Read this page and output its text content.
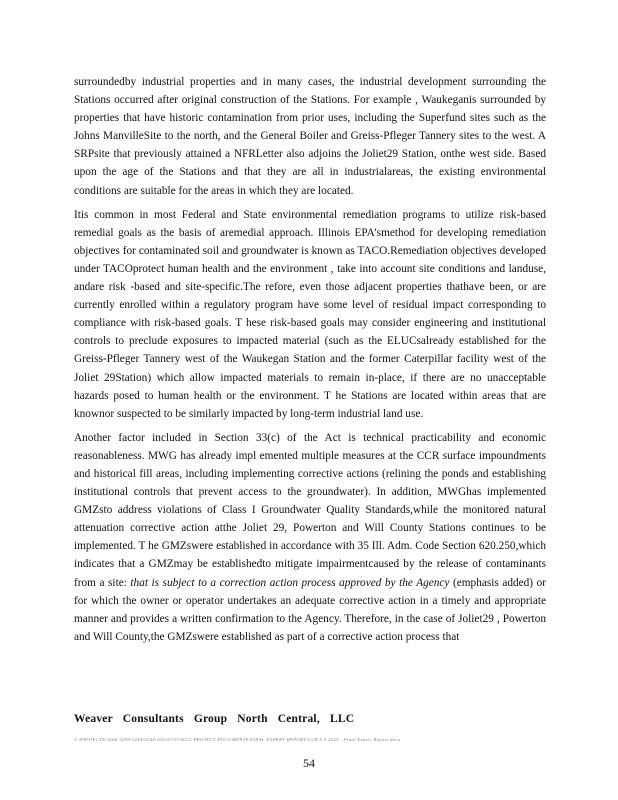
surroundedby industrial properties and in many cases, the industrial development surrounding the Stations occurred after original construction of the Stations. For example , Waukeganis surrounded by properties that have historic contamination from prior uses, including the Superfund sites such as the Johns ManvilleSite to the north, and the General Boiler and Greiss-Pfleger Tannery sites to the west. A SRPsite that previously attained a NFRLetter also adjoins the Joliet29 Station, onthe west side. Based upon the age of the Stations and that they are all in industrialareas, the existing environmental conditions are suitable for the areas in which they are located.

Itis common in most Federal and State environmental remediation programs to utilize risk-based remedial goals as the basis of aremedial approach. Illinois EPA’smethod for developing remediation objectives for contaminated soil and groundwater is known as TACO.Remediation objectives developed under TACOprotect human health and the environment , take into account site conditions and landuse, andare risk -based and site-specific.The refore, even those adjacent properties thathave been, or are currently enrolled within a regulatory program have some level of residual impact corresponding to compliance with risk-based goals. T hese risk-based goals may consider engineering and institutional controls to preclude exposures to impacted material (such as the ELUCsalready established for the Greiss-Pfleger Tannery west of the Waukegan Station and the former Caterpillar facility west of the Joliet 29Station) which allow impacted materials to remain in-place, if there are no unacceptable hazards posed to human health or the environment. T he Stations are located within areas that are knownor suspected to be similarly impacted by long-term industrial land use.

Another factor included in Section 33(c) of the Act is technical practicability and economic reasonableness. MWG has already impl emented multiple measures at the CCR surface impoundments and historical fill areas, including implementing corrective actions (relining the ponds and establishing institutional controls that prevent access to the groundwater). In addition, MWGhas implemented GMZsto address violations of Class I Groundwater Quality Standards,while the monitored natural attenuation corrective action atthe Joliet 29, Powerton and Will County Stations continues to be implemented. T he GMZswere established in accordance with 35 Ill. Adm. Code Section 620.250,which indicates that a GMZmay be establishedto mitigate impairmentcaused by the release of contaminants from a site: that is subject to a correction action process approved by the Agency (emphasis added) or for which the owner or operator undertakes an adequate corrective action in a timely and appropriate manner and provides a written confirmation to the Agency. Therefore, in the case of Joliet29 , Powerton and Will County,the GMZswere established as part of a corrective action process that

Weaver Consultants Group North Central, LLC
J:\PROJECTS\3200-3299\3244\3244\100\07\03\WCG PROJECT DOCUMENTS\FINAL EXPERT REPORT\CCR 5.5.2025 - Final Expert Report.docx
54
